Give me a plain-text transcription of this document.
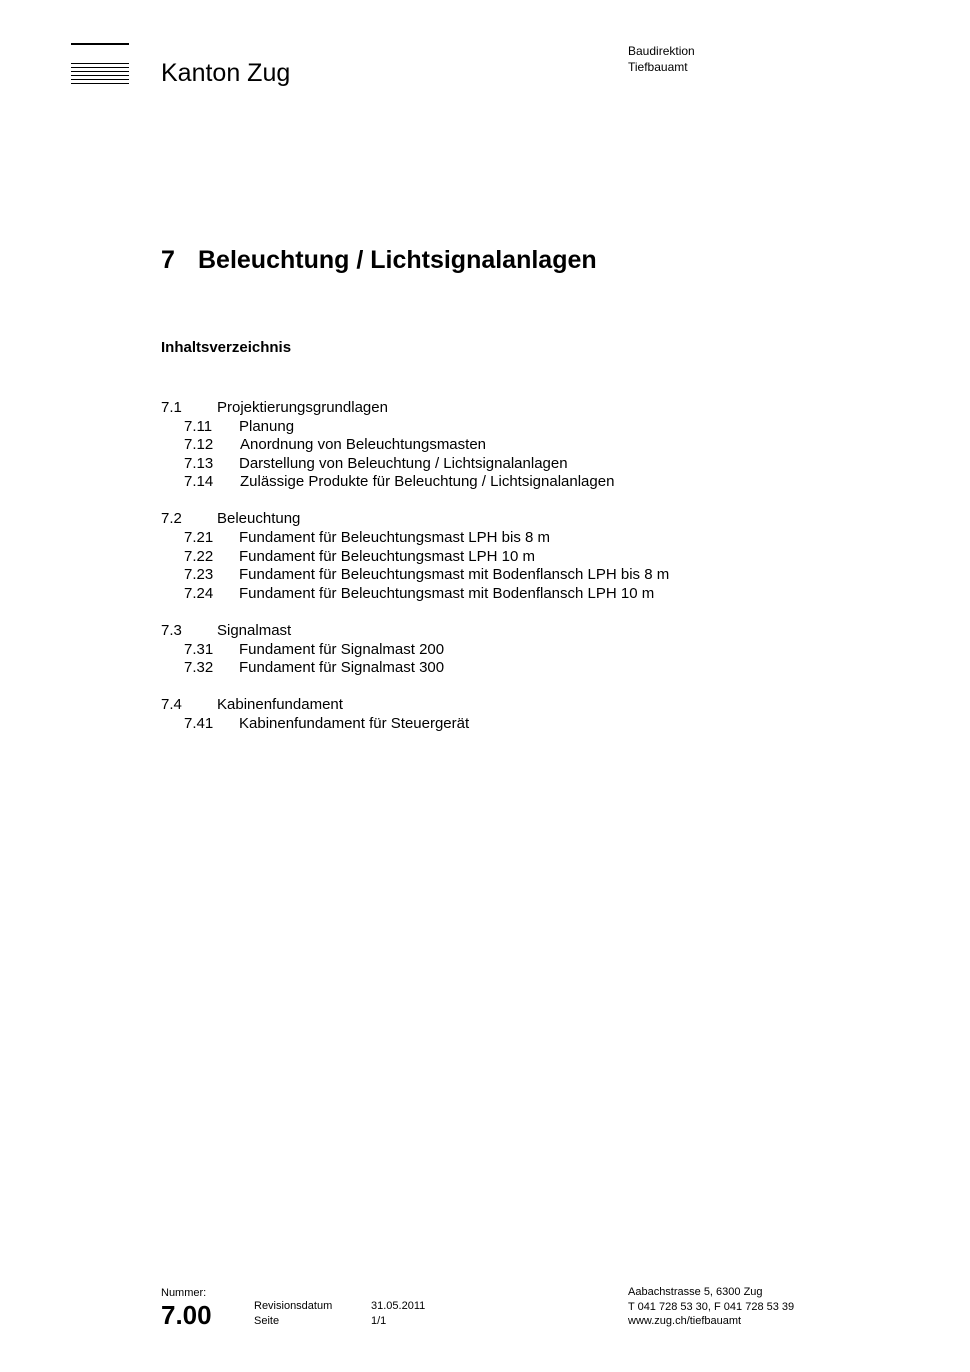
Kanton Zug
Baudirektion
Tiefbauamt
7 Beleuchtung / Lichtsignalanlagen
Inhaltsverzeichnis
7.1 Projektierungsgrundlagen
7.11 Planung
7.12 Anordnung von Beleuchtungsmasten
7.13 Darstellung von Beleuchtung / Lichtsignalanlagen
7.14 Zulässige Produkte für Beleuchtung / Lichtsignalanlagen
7.2 Beleuchtung
7.21 Fundament für Beleuchtungsmast LPH bis 8 m
7.22 Fundament für Beleuchtungsmast LPH 10 m
7.23 Fundament für Beleuchtungsmast mit Bodenflansch LPH bis 8 m
7.24 Fundament für Beleuchtungsmast mit Bodenflansch LPH 10 m
7.3 Signalmast
7.31 Fundament für Signalmast 200
7.32 Fundament für Signalmast 300
7.4 Kabinenfundament
7.41 Kabinenfundament für Steuergerät
Nummer:
7.00	Revisionsdatum	31.05.2011
Seite	1/1
Aabachstrasse 5, 6300 Zug
T 041 728 53 30, F 041 728 53 39
www.zug.ch/tiefbauamt
